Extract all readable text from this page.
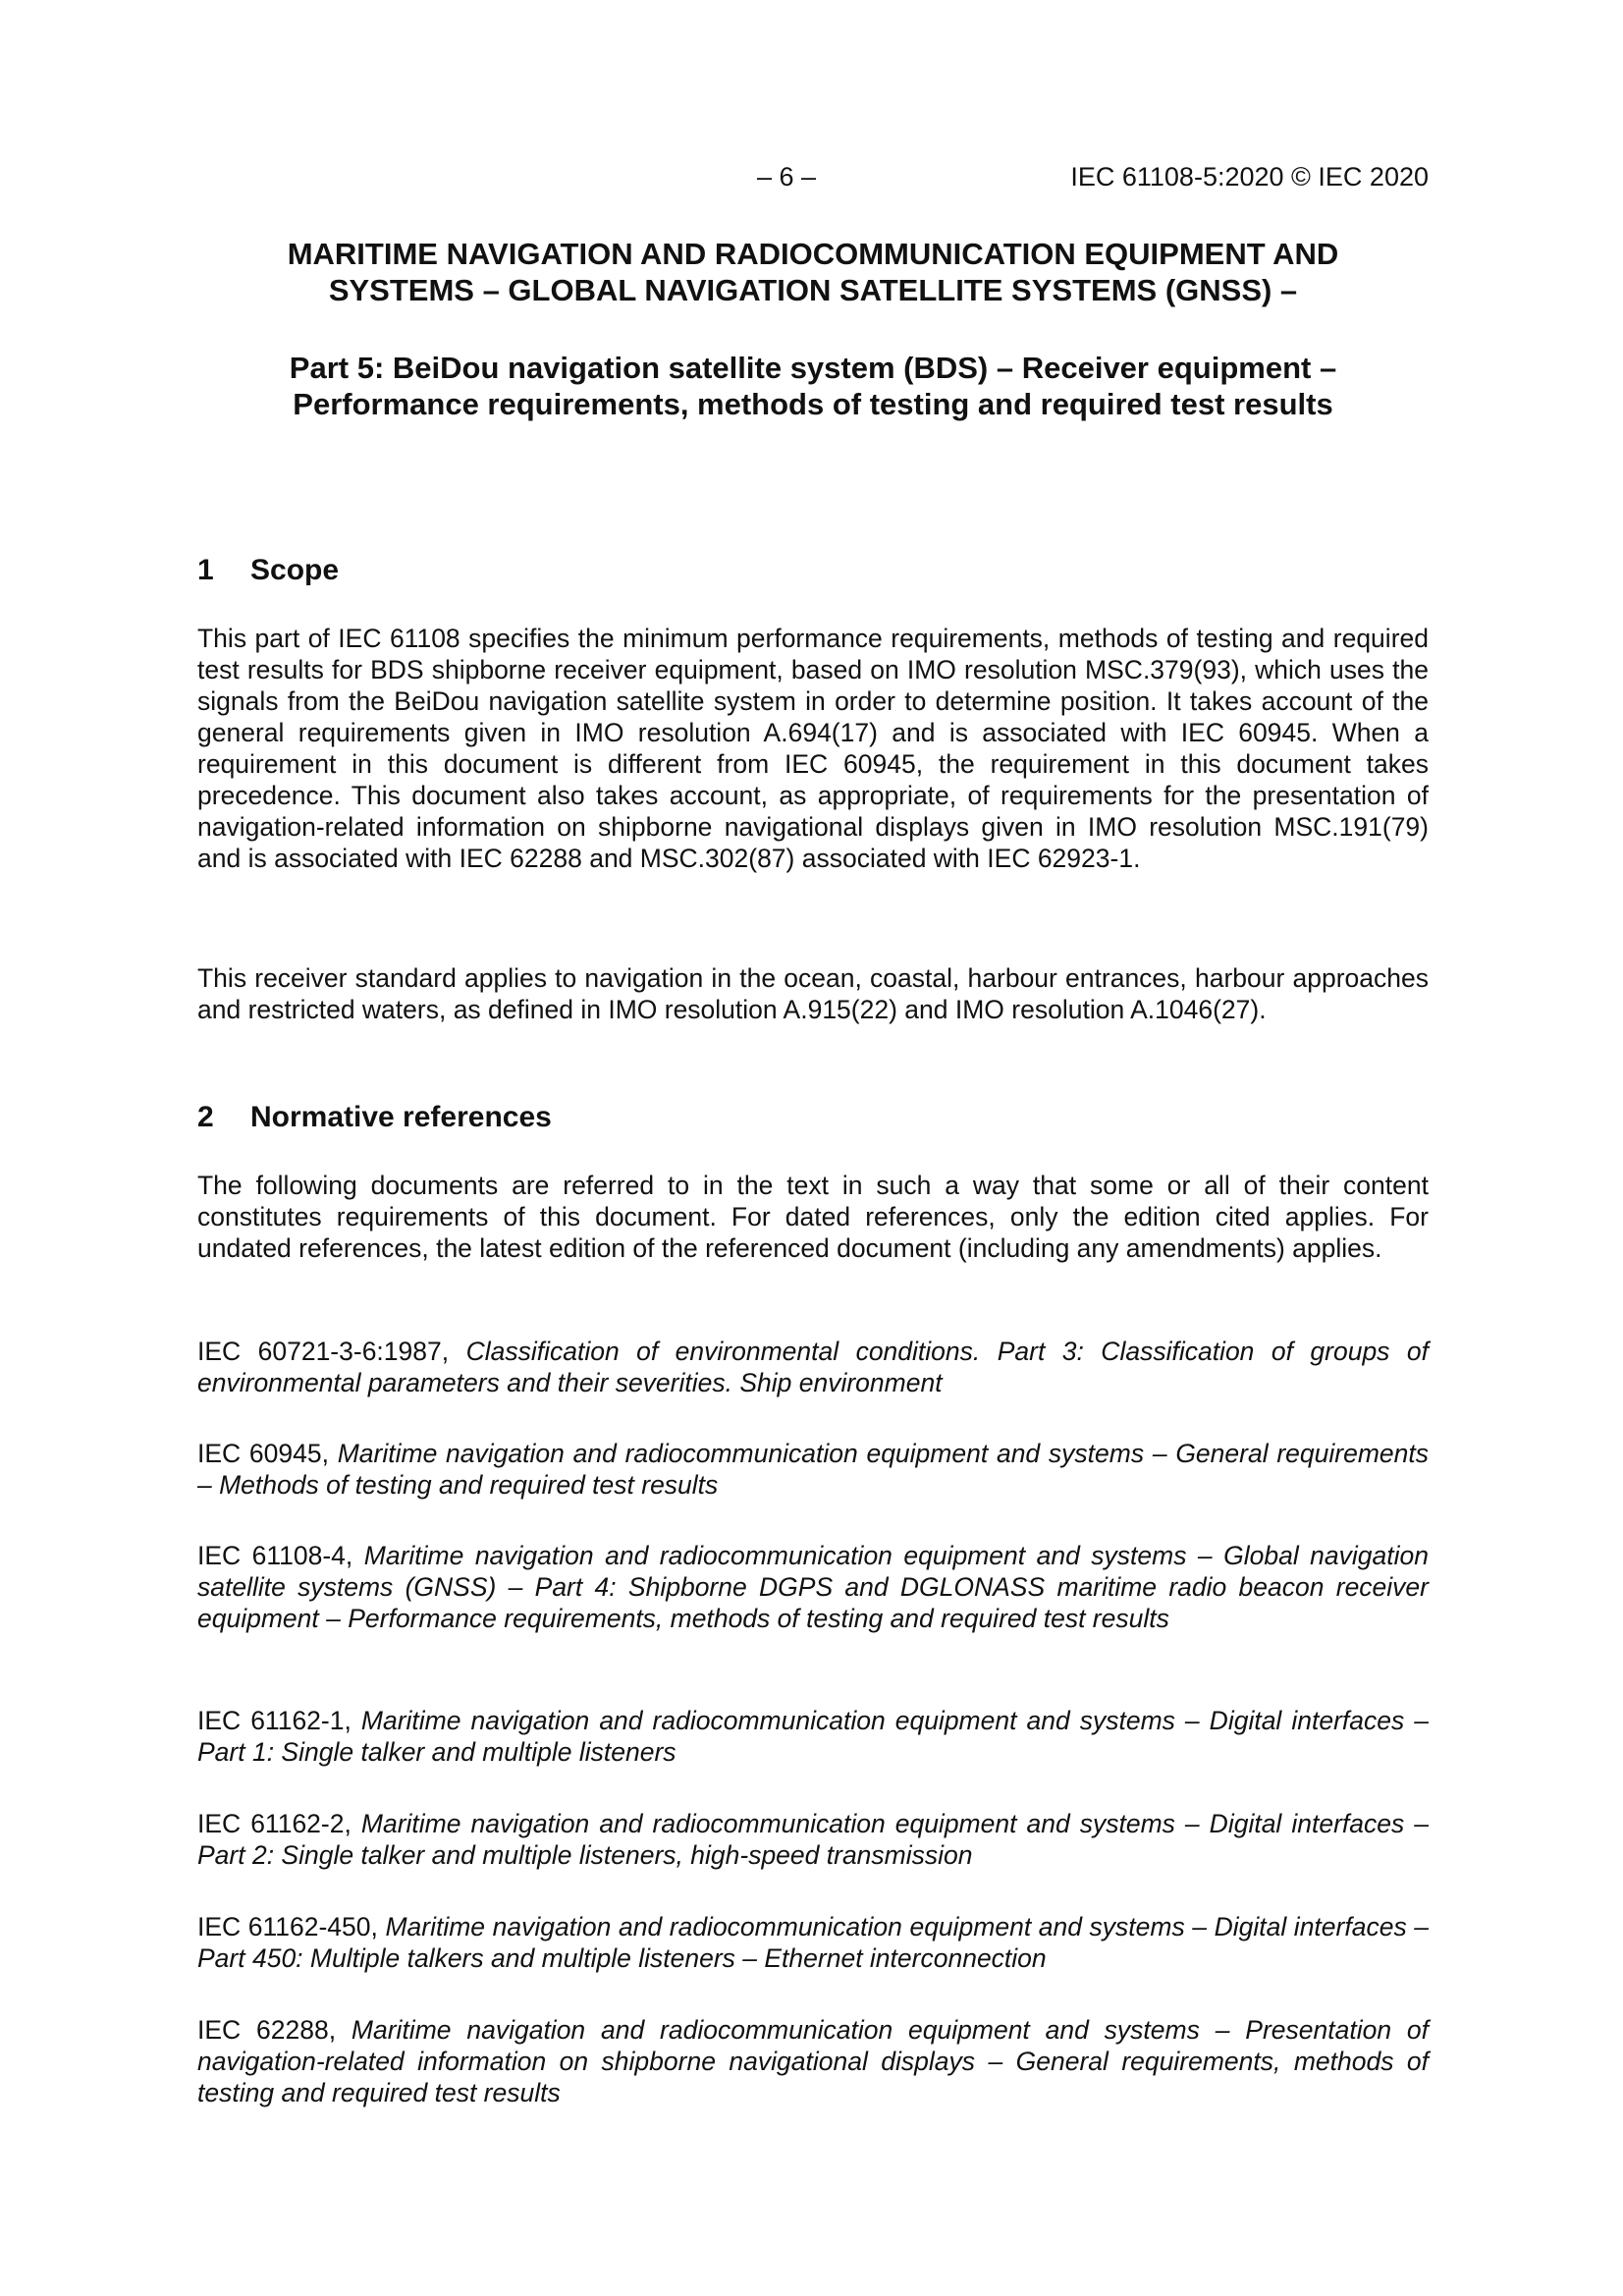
– 6 –	IEC 61108-5:2020 © IEC 2020
MARITIME NAVIGATION AND RADIOCOMMUNICATION EQUIPMENT AND
SYSTEMS – GLOBAL NAVIGATION SATELLITE SYSTEMS (GNSS) –
Part 5: BeiDou navigation satellite system (BDS) – Receiver equipment –
Performance requirements, methods of testing and required test results
1 Scope

This part of IEC 61108 specifies the minimum performance requirements, methods of testing and required test results for BDS shipborne receiver equipment, based on IMO resolution MSC.379(93), which uses the signals from the BeiDou navigation satellite system in order to determine position. It takes account of the general requirements given in IMO resolution A.694(17) and is associated with IEC 60945. When a requirement in this document is different from IEC 60945, the requirement in this document takes precedence. This document also takes account, as appropriate, of requirements for the presentation of navigation-related information on shipborne navigational displays given in IMO resolution MSC.191(79) and is associated with IEC 62288 and MSC.302(87) associated with IEC 62923-1.

This receiver standard applies to navigation in the ocean, coastal, harbour entrances, harbour approaches and restricted waters, as defined in IMO resolution A.915(22) and IMO resolution A.1046(27).

2 Normative references

The following documents are referred to in the text in such a way that some or all of their content constitutes requirements of this document. For dated references, only the edition cited applies. For undated references, the latest edition of the referenced document (including any amendments) applies.

IEC 60721-3-6:1987, Classification of environmental conditions. Part 3: Classification of groups of environmental parameters and their severities. Ship environment

IEC 60945, Maritime navigation and radiocommunication equipment and systems – General requirements – Methods of testing and required test results

IEC 61108-4, Maritime navigation and radiocommunication equipment and systems – Global navigation satellite systems (GNSS) – Part 4: Shipborne DGPS and DGLONASS maritime radio beacon receiver equipment – Performance requirements, methods of testing and required test results

IEC 61162-1, Maritime navigation and radiocommunication equipment and systems – Digital interfaces – Part 1: Single talker and multiple listeners

IEC 61162-2, Maritime navigation and radiocommunication equipment and systems – Digital interfaces – Part 2: Single talker and multiple listeners, high-speed transmission

IEC 61162-450, Maritime navigation and radiocommunication equipment and systems – Digital interfaces – Part 450: Multiple talkers and multiple listeners – Ethernet interconnection

IEC 62288, Maritime navigation and radiocommunication equipment and systems – Presentation of navigation-related information on shipborne navigational displays – General requirements, methods of testing and required test results
